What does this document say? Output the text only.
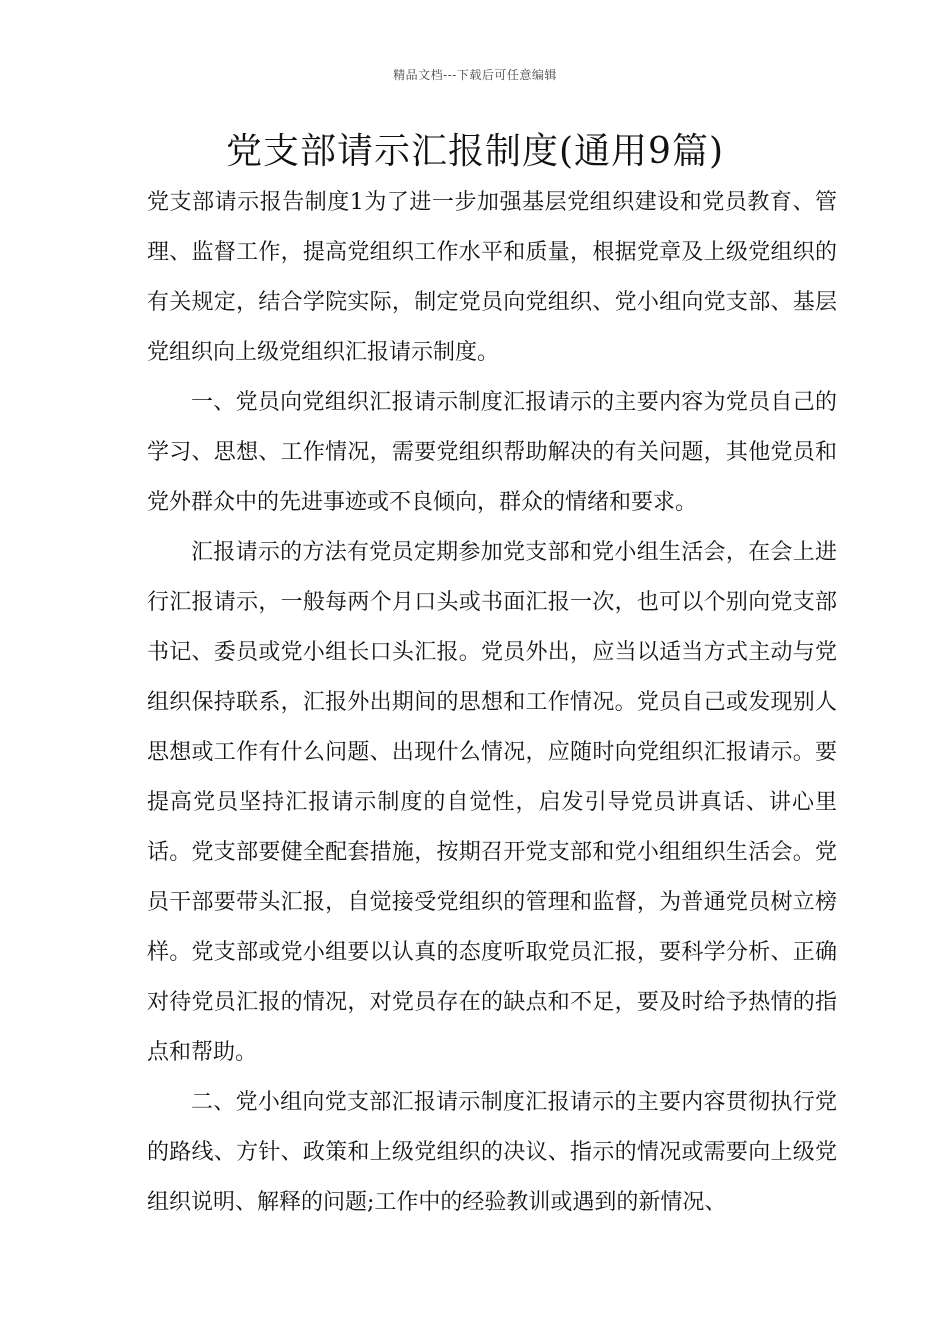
精品文档---下载后可任意编辑
党支部请示汇报制度(通用9篇)

党支部请示报告制度1为了进一步加强基层党组织建设和党员教育、管理、监督工作，提高党组织工作水平和质量，根据党章及上级党组织的有关规定，结合学院实际，制定党员向党组织、党小组向党支部、基层党组织向上级党组织汇报请示制度。

一、党员向党组织汇报请示制度汇报请示的主要内容为党员自己的学习、思想、工作情况，需要党组织帮助解决的有关问题，其他党员和党外群众中的先进事迹或不良倾向，群众的情绪和要求。

汇报请示的方法有党员定期参加党支部和党小组生活会，在会上进行汇报请示，一般每两个月口头或书面汇报一次，也可以个别向党支部书记、委员或党小组长口头汇报。党员外出，应当以适当方式主动与党组织保持联系，汇报外出期间的思想和工作情况。党员自己或发现别人思想或工作有什么问题、出现什么情况，应随时向党组织汇报请示。要提高党员坚持汇报请示制度的自觉性，启发引导党员讲真话、讲心里话。党支部要健全配套措施，按期召开党支部和党小组组织生活会。党员干部要带头汇报，自觉接受党组织的管理和监督，为普通党员树立榜样。党支部或党小组要以认真的态度听取党员汇报，要科学分析、正确对待党员汇报的情况，对党员存在的缺点和不足，要及时给予热情的指点和帮助。

二、党小组向党支部汇报请示制度汇报请示的主要内容贯彻执行党的路线、方针、政策和上级党组织的决议、指示的情况或需要向上级党组织说明、解释的问题;工作中的经验教训或遇到的新情况、
